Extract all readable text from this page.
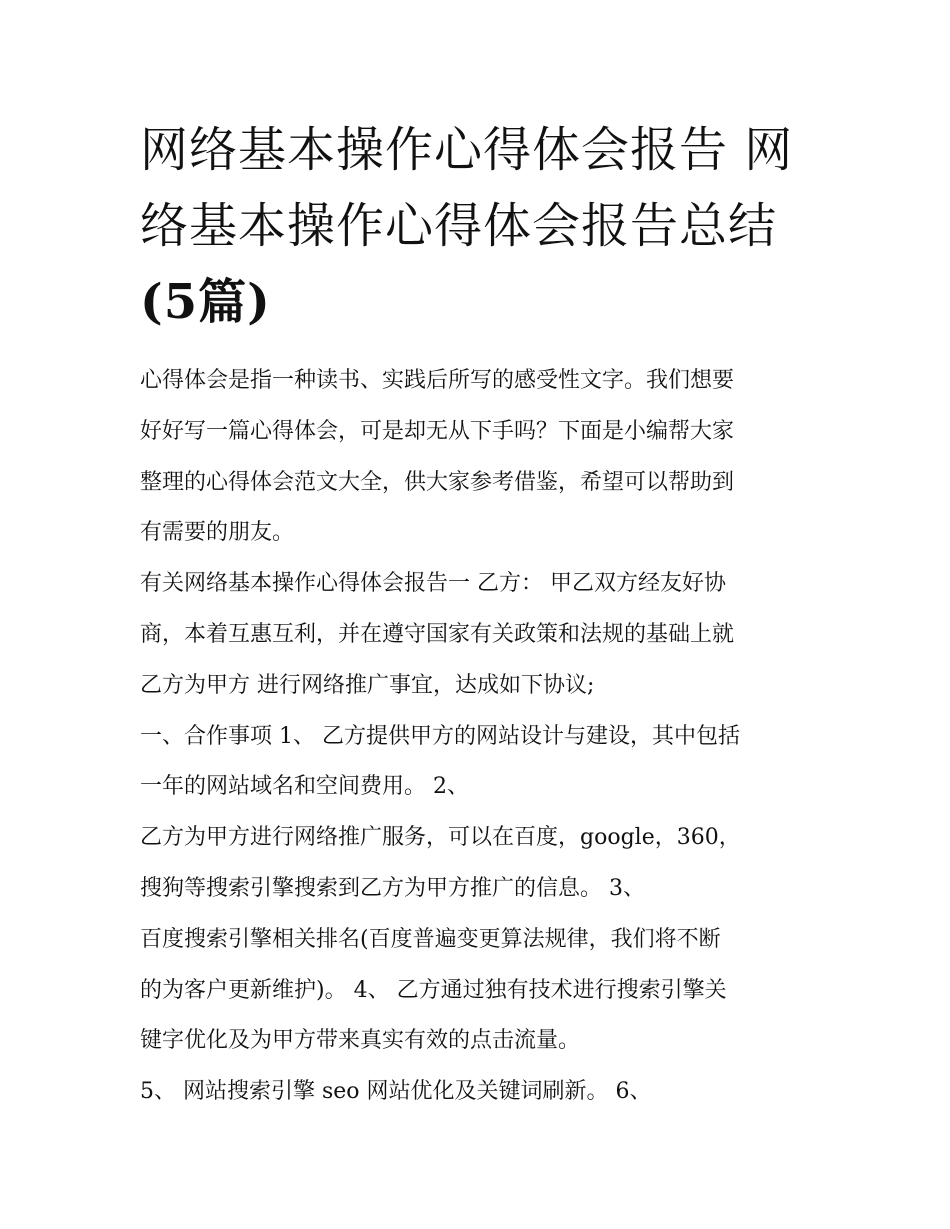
网络基本操作心得体会报告 网
络基本操作心得体会报告总结
(5篇)
心得体会是指一种读书、实践后所写的感受性文字。我们想要
好好写一篇心得体会，可是却无从下手吗？下面是小编帮大家
整理的心得体会范文大全，供大家参考借鉴，希望可以帮助到
有需要的朋友。
有关网络基本操作心得体会报告一 乙方： 甲乙双方经友好协
商，本着互惠互利，并在遵守国家有关政策和法规的基础上就
乙方为甲方 进行网络推广事宜，达成如下协议;
一、合作事项 1、 乙方提供甲方的网站设计与建设，其中包括
一年的网站域名和空间费用。 2、
乙方为甲方进行网络推广服务，可以在百度，google，360，
搜狗等搜索引擎搜索到乙方为甲方推广的信息。 3、
百度搜索引擎相关排名(百度普遍变更算法规律，我们将不断
的为客户更新维护)。 4、 乙方通过独有技术进行搜索引擎关
键字优化及为甲方带来真实有效的点击流量。
5、 网站搜索引擎 seo 网站优化及关键词刷新。 6、
